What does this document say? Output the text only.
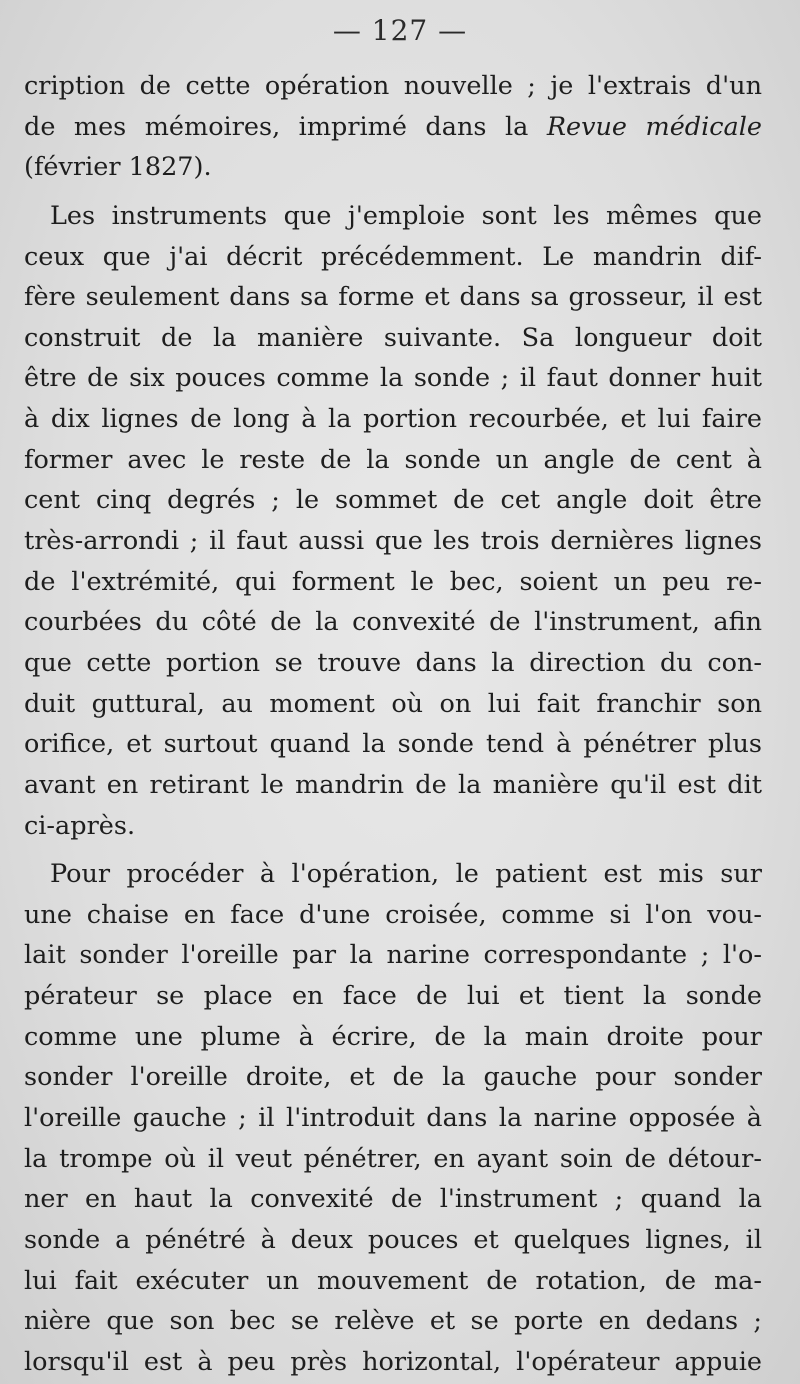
— 127 —
cription de cette opération nouvelle ; je l'extrais d'un
de mes mémoires, imprimé dans la Revue médicale
(février 1827).
Les instruments que j'emploie sont les mêmes que
ceux que j'ai décrit précédemment. Le mandrin dif-
fère seulement dans sa forme et dans sa grosseur, il est
construit de la manière suivante. Sa longueur doit
être de six pouces comme la sonde ; il faut donner huit
à dix lignes de long à la portion recourbée, et lui faire
former avec le reste de la sonde un angle de cent à
cent cinq degrés ; le sommet de cet angle doit être
très-arrondi ; il faut aussi que les trois dernières lignes
de l'extrémité, qui forment le bec, soient un peu re-
courbées du côté de la convexité de l'instrument, afin
que cette portion se trouve dans la direction du con-
duit guttural, au moment où on lui fait franchir son
orifice, et surtout quand la sonde tend à pénétrer plus
avant en retirant le mandrin de la manière qu'il est dit
ci-après.
Pour procéder à l'opération, le patient est mis sur
une chaise en face d'une croisée, comme si l'on vou-
lait sonder l'oreille par la narine correspondante ; l'o-
pérateur se place en face de lui et tient la sonde
comme une plume à écrire, de la main droite pour
sonder l'oreille droite, et de la gauche pour sonder
l'oreille gauche ; il l'introduit dans la narine opposée à
la trompe où il veut pénétrer, en ayant soin de détour-
ner en haut la convexité de l'instrument ; quand la
sonde a pénétré à deux pouces et quelques lignes, il
lui fait exécuter un mouvement de rotation, de ma-
nière que son bec se relève et se porte en dedans ;
lorsqu'il est à peu près horizontal, l'opérateur appuie
